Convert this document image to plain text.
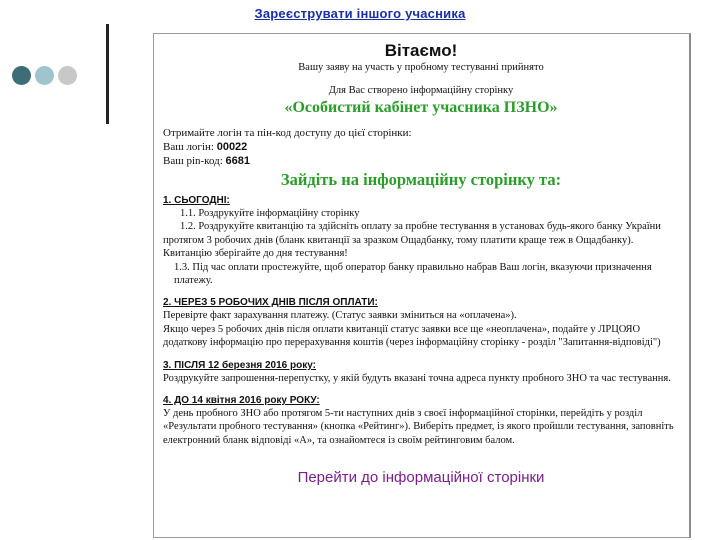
Зареєструвати іншого учасника
Вітаємо!
Вашу заяву на участь у пробному тестуванні прийнято
Для Вас створено інформаційну сторінку
«Особистий кабінет учасника ПЗНО»
Отримайте логін та пін-код доступу до цієї сторінки:
Ваш логін: 00022
Ваш pin-код: 6681
Зайдіть на інформаційну сторінку та:
1. СЬОГОДНІ:
1.1. Роздрукуйте інформаційну сторінку
1.2. Роздрукуйте квитанцію та здійсніть оплату за пробне тестування в установах будь-якого банку України протягом 3 робочих днів (бланк квитанції за зразком Ощадбанку, тому платити краще теж в Ощадбанку). Квитанцію зберігайте до дня тестування!
1.3. Під час оплати простежуйте, щоб оператор банку правильно набрав Ваш логін, вказуючи призначення платежу.
2. ЧЕРЕЗ 5 РОБОЧИХ ДНІВ ПІСЛЯ ОПЛАТИ:
Перевірте факт зарахування платежу. (Статус заявки зміниться на «оплачена»).
Якщо через 5 робочих днів після оплати квитанції статус заявки все ще «неоплачена», подайте у ЛРЦОЯО додаткову інформацію про перерахування коштів (через інформаційну сторінку - розділ "Запитання-відповіді")
3. ПІСЛЯ 12 березня 2016 року:
Роздрукуйте запрошення-перепустку, у якій будуть вказані точна адреса пункту пробного ЗНО та час тестування.
4. ДО 14 квітня 2016 року РОКУ:
У день пробного ЗНО або протягом 5-ти наступних днів з своєї інформаційної сторінки, перейдіть у розділ «Результати пробного тестування» (кнопка «Рейтинг»). Виберіть предмет, із якого пройшли тестування, заповніть електронний бланк відповіді «А», та ознайомтеся із своїм рейтинговим балом.
Перейти до інформаційної сторінки
